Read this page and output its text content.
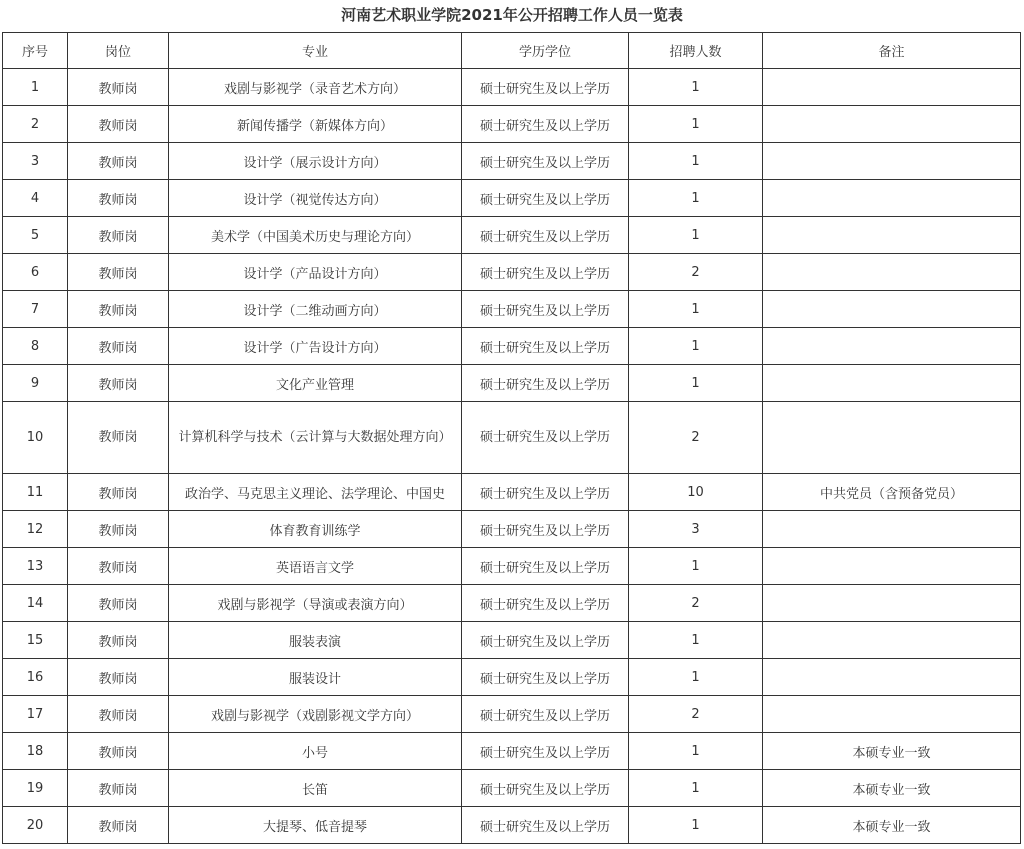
河南艺术职业学院2021年公开招聘工作人员一览表
序号	岗位	专业	学历学位	招聘人数	备注
1	教师岗	戏剧与影视学（录音艺术方向）	硕士研究生及以上学历	1	
2	教师岗	新闻传播学（新媒体方向）	硕士研究生及以上学历	1	
3	教师岗	设计学（展示设计方向）	硕士研究生及以上学历	1	
4	教师岗	设计学（视觉传达方向）	硕士研究生及以上学历	1	
5	教师岗	美术学（中国美术历史与理论方向）	硕士研究生及以上学历	1	
6	教师岗	设计学（产品设计方向）	硕士研究生及以上学历	2	
7	教师岗	设计学（二维动画方向）	硕士研究生及以上学历	1	
8	教师岗	设计学（广告设计方向）	硕士研究生及以上学历	1	
9	教师岗	文化产业管理	硕士研究生及以上学历	1	
10	教师岗	计算机科学与技术（云计算与大数据处理方向）	硕士研究生及以上学历	2	
11	教师岗	政治学、马克思主义理论、法学理论、中国史	硕士研究生及以上学历	10	中共党员（含预备党员）
12	教师岗	体育教育训练学	硕士研究生及以上学历	3	
13	教师岗	英语语言文学	硕士研究生及以上学历	1	
14	教师岗	戏剧与影视学（导演或表演方向）	硕士研究生及以上学历	2	
15	教师岗	服装表演	硕士研究生及以上学历	1	
16	教师岗	服装设计	硕士研究生及以上学历	1	
17	教师岗	戏剧与影视学（戏剧影视文学方向）	硕士研究生及以上学历	2	
18	教师岗	小号	硕士研究生及以上学历	1	本硕专业一致
19	教师岗	长笛	硕士研究生及以上学历	1	本硕专业一致
20	教师岗	大提琴、低音提琴	硕士研究生及以上学历	1	本硕专业一致
